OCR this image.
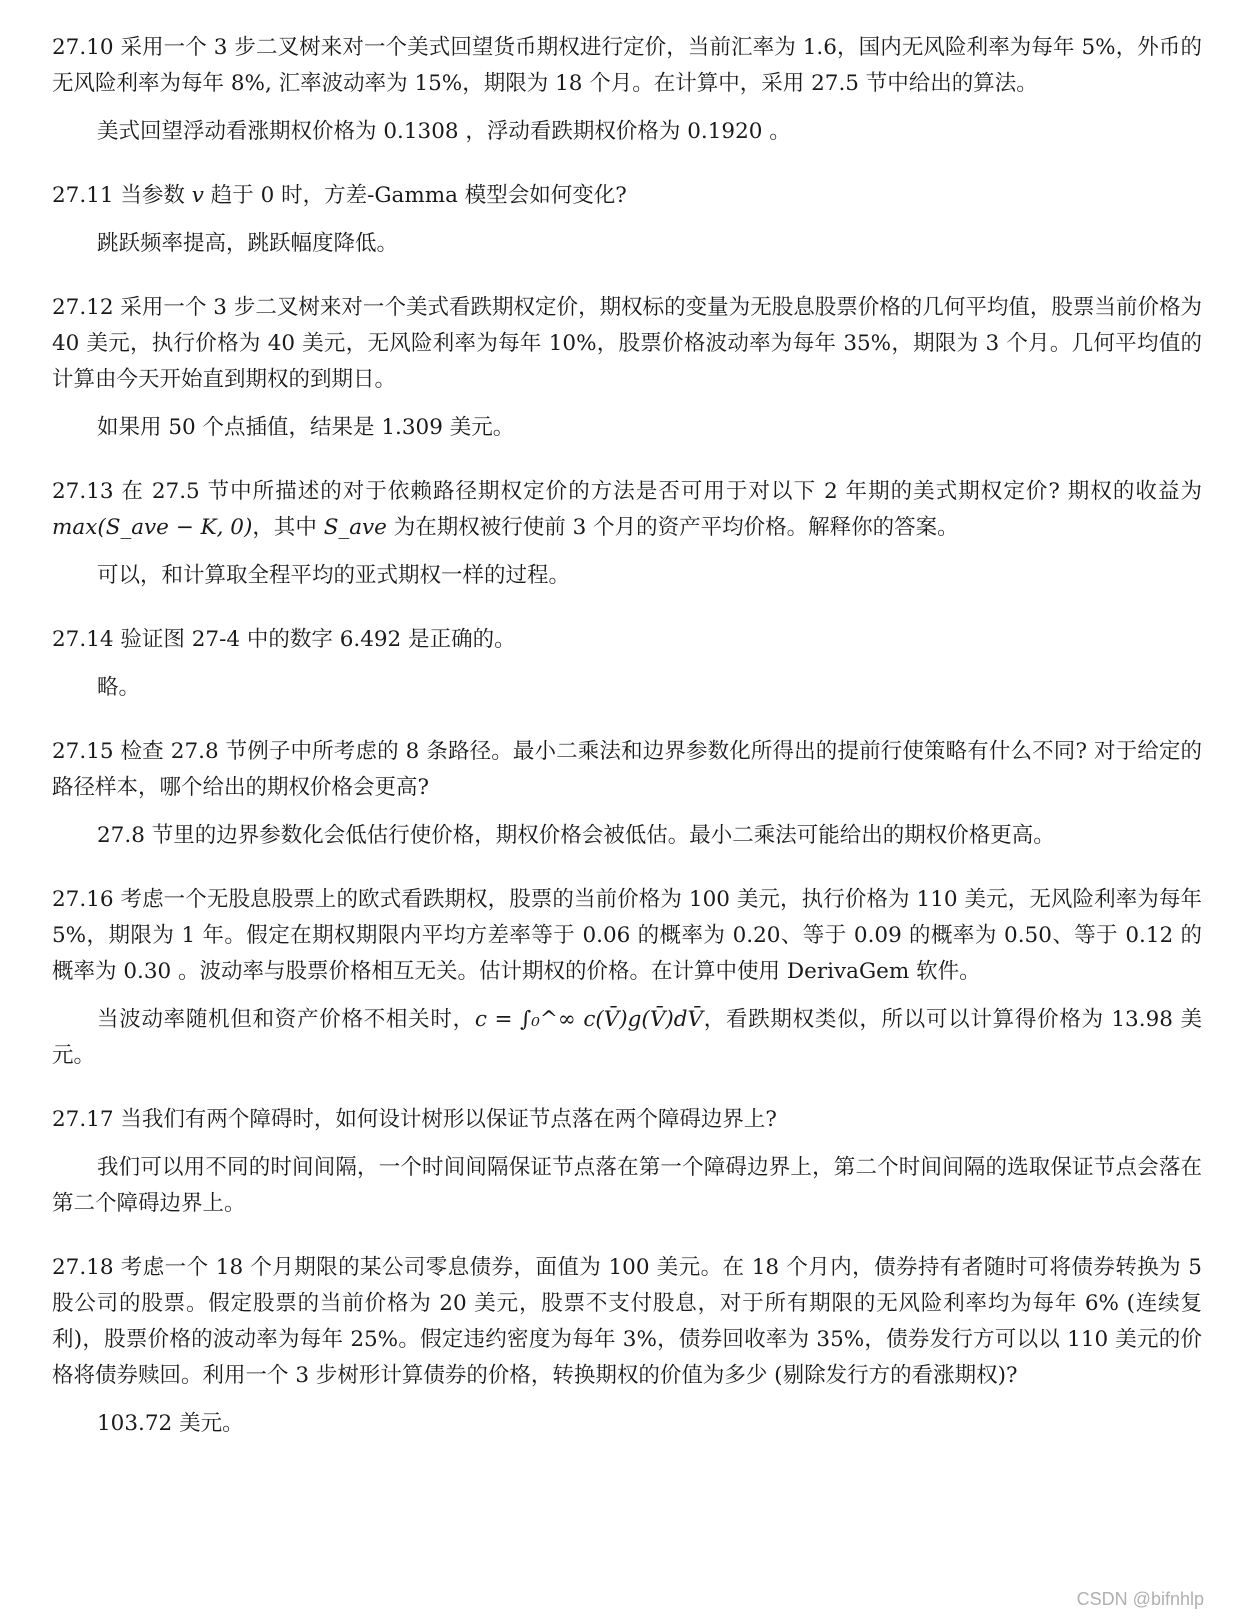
27.10 采用一个 3 步二叉树来对一个美式回望货币期权进行定价，当前汇率为 1.6，国内无风险利率为每年 5%，外币的无风险利率为每年 8%, 汇率波动率为 15%，期限为 18 个月。在计算中，采用 27.5 节中给出的算法。

美式回望浮动看涨期权价格为 0.1308 ，浮动看跌期权价格为 0.1920 。

27.11 当参数 v 趋于 0 时，方差-Gamma 模型会如何变化?

跳跃频率提高，跳跃幅度降低。

27.12 采用一个 3 步二叉树来对一个美式看跌期权定价，期权标的变量为无股息股票价格的几何平均值，股票当前价格为 40 美元，执行价格为 40 美元，无风险利率为每年 10%，股票价格波动率为每年 35%，期限为 3 个月。几何平均值的计算由今天开始直到期权的到期日。

如果用 50 个点插值，结果是 1.309 美元。

27.13 在 27.5 节中所描述的对于依赖路径期权定价的方法是否可用于对以下 2 年期的美式期权定价? 期权的收益为 max(S_ave − K, 0)，其中 S_ave 为在期权被行使前 3 个月的资产平均价格。解释你的答案。

可以，和计算取全程平均的亚式期权一样的过程。

27.14 验证图 27-4 中的数字 6.492 是正确的。

略。

27.15 检查 27.8 节例子中所考虑的 8 条路径。最小二乘法和边界参数化所得出的提前行使策略有什么不同? 对于给定的路径样本，哪个给出的期权价格会更高?

27.8 节里的边界参数化会低估行使价格，期权价格会被低估。最小二乘法可能给出的期权价格更高。

27.16 考虑一个无股息股票上的欧式看跌期权，股票的当前价格为 100 美元，执行价格为 110 美元，无风险利率为每年 5%，期限为 1 年。假定在期权期限内平均方差率等于 0.06 的概率为 0.20、等于 0.09 的概率为 0.50、等于 0.12 的概率为 0.30 。波动率与股票价格相互无关。估计期权的价格。在计算中使用 DerivaGem 软件。

当波动率随机但和资产价格不相关时，c = ∫₀^∞ c(V̄)g(V̄)dV̄，看跌期权类似，所以可以计算得价格为 13.98 美元。

27.17 当我们有两个障碍时，如何设计树形以保证节点落在两个障碍边界上?

我们可以用不同的时间间隔，一个时间间隔保证节点落在第一个障碍边界上，第二个时间间隔的选取保证节点会落在第二个障碍边界上。

27.18 考虑一个 18 个月期限的某公司零息债券，面值为 100 美元。在 18 个月内，债券持有者随时可将债券转换为 5 股公司的股票。假定股票的当前价格为 20 美元，股票不支付股息，对于所有期限的无风险利率均为每年 6% (连续复利)，股票价格的波动率为每年 25%。假定违约密度为每年 3%，债券回收率为 35%，债券发行方可以以 110 美元的价格将债券赎回。利用一个 3 步树形计算债券的价格，转换期权的价值为多少 (剔除发行方的看涨期权)?

103.72 美元。

CSDN @bifnhlp
